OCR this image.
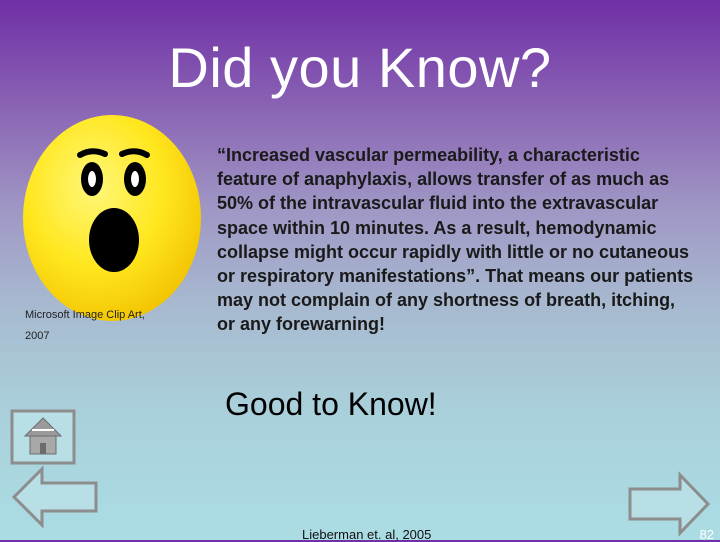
Did you Know?
Microsoft Image Clip Art, 2007
“Increased vascular permeability, a characteristic feature of anaphylaxis, allows transfer of as much as 50% of the intravascular fluid into the extravascular space within 10 minutes. As a result, hemodynamic collapse might occur rapidly with little or no cutaneous or respiratory manifestations”. That means our patients may not complain of any shortness of breath, itching, or any forewarning!
Good to Know!
Lieberman et. al, 2005	82
